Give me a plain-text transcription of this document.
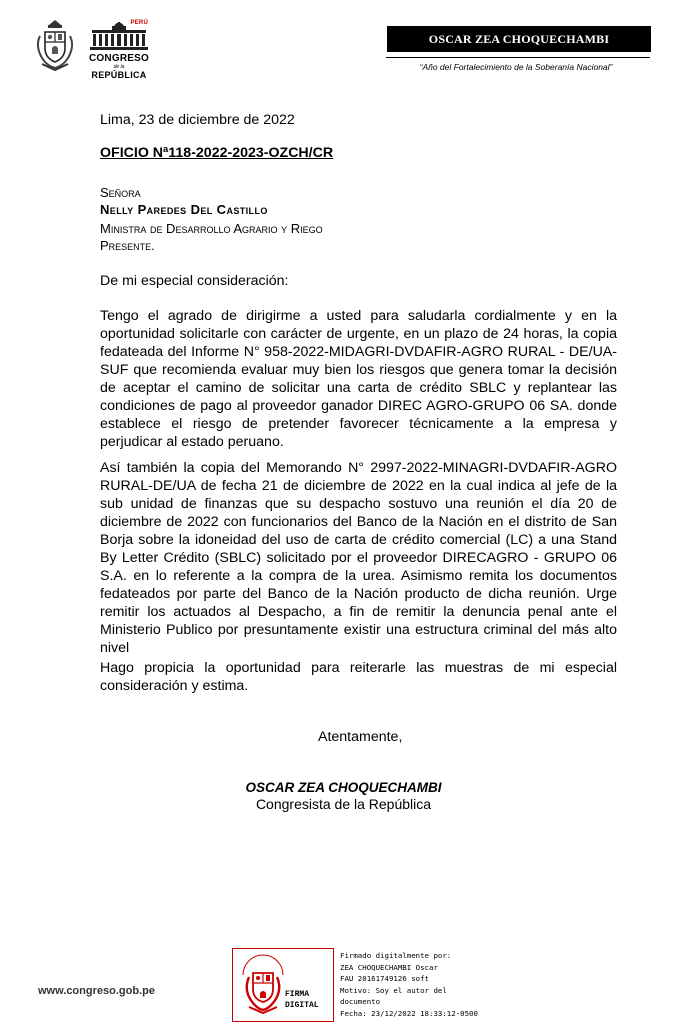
PERÚ
CONGRESO
de la
REPÚBLICA
OSCAR ZEA CHOQUECHAMBI
“Año del Fortalecimiento de la Soberanía Nacional”
Lima, 23 de diciembre de 2022
OFICIO Nª118-2022-2023-OZCH/CR
Señora
Nelly Paredes Del Castillo
Ministra de Desarrollo Agrario y Riego
Presente.
De mi especial consideración:
Tengo el agrado de dirigirme a usted para saludarla cordialmente y en la oportunidad solicitarle con carácter de urgente, en un plazo de 24 horas, la copia fedateada del Informe N° 958-2022-MIDAGRI-DVDAFIR-AGRO RURAL - DE/UA-SUF que recomienda evaluar muy bien los riesgos que genera tomar la decisión de aceptar el camino de solicitar una carta de crédito SBLC y replantear las condiciones de pago al proveedor ganador DIREC AGRO-GRUPO 06 SA. donde establece el riesgo de pretender favorecer técnicamente a la empresa y perjudicar al estado peruano.
Así también la copia del Memorando N° 2997-2022-MINAGRI-DVDAFIR-AGRO RURAL-DE/UA de fecha 21 de diciembre de 2022 en la cual indica al jefe de la sub unidad de finanzas que su despacho sostuvo una reunión el día 20 de diciembre de 2022 con funcionarios del Banco de la Nación en el distrito de San Borja sobre la idoneidad del uso de carta de crédito comercial (LC) a una Stand By Letter Crédito (SBLC) solicitado por el proveedor DIRECAGRO - GRUPO 06 S.A. en lo referente a la compra de la urea. Asimismo remita los documentos fedateados por parte del Banco de la Nación producto de dicha reunión. Urge remitir los actuados al Despacho, a fin de remitir la denuncia penal ante el Ministerio Publico por presuntamente existir una estructura criminal del más alto nivel
Hago propicia la oportunidad para reiterarle las muestras de mi especial consideración y estima.
Atentamente,
OSCAR ZEA CHOQUECHAMBI
Congresista de la República
www.congreso.gob.pe	FIRMA DIGITAL
Firmado digitalmente por:
ZEA CHOQUECHAMBI Oscar
FAU 20161749126 soft
Motivo: Soy el autor del
documento
Fecha: 23/12/2022 18:33:12-0500
